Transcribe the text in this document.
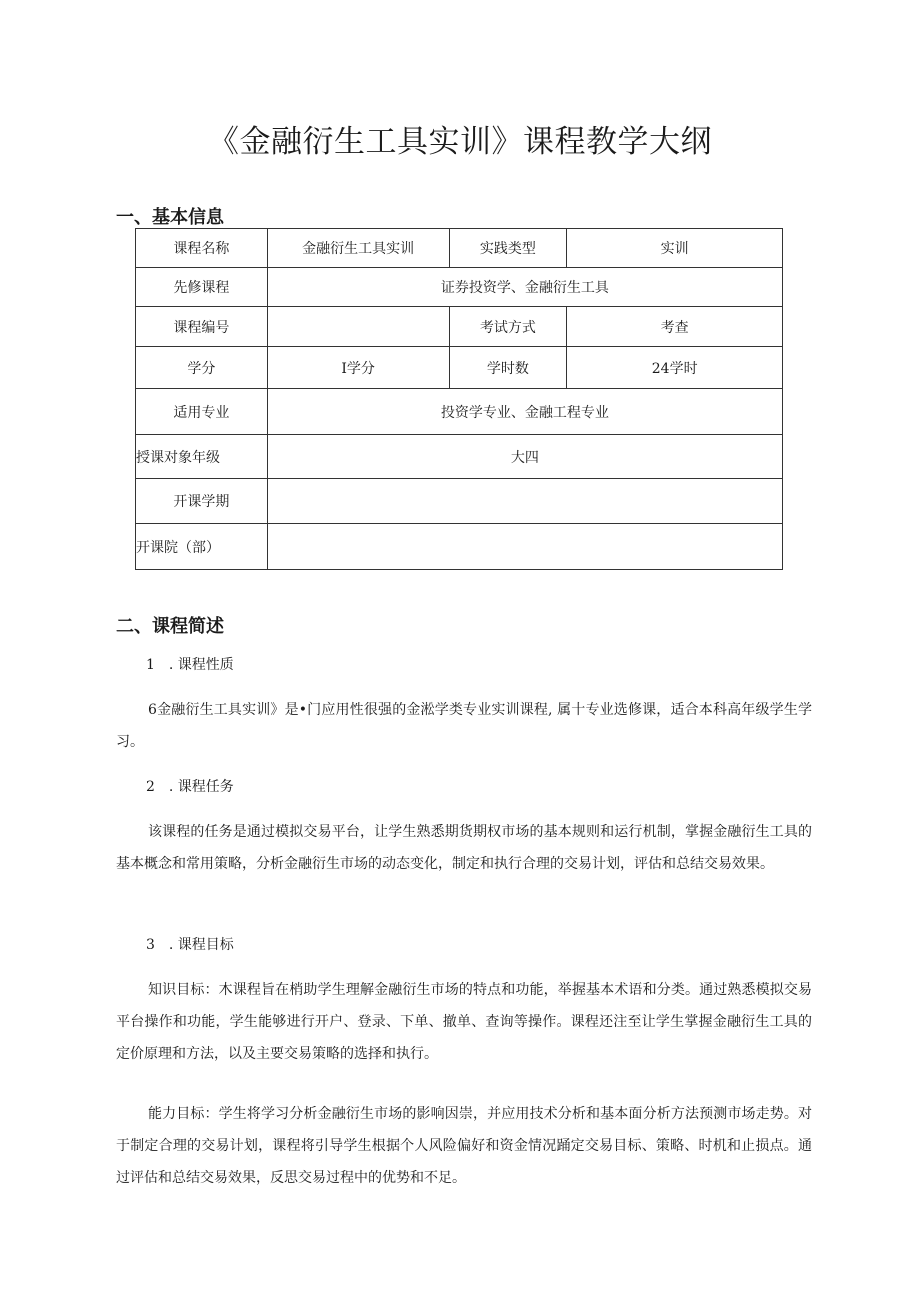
《金融衍生工具实训》课程教学大纲
一、基本信息
课程名称	金融衍生工具实训	实践类型	实训
先修课程	证券投资学、金融衍生工具		
课程编号		考试方式	考查
学分	I学分	学时数	24学时
适用专业	投资学专业、金融工程专业		
授课对象年级	大四		
开课学期			
开课院（部）			
二、课程简述

1　. 课程性质

6金融衍生工具实训》是•门应用性很强的金淞学类专业实训课程, 属十专业选修课，适合本科高年级学生学习。

2　. 课程任务

该课程的任务是通过模拟交易平台，让学生熟悉期货期权市场的基本规则和运行机制，掌握金融衍生工具的基本概念和常用策略，分析金融衍生市场的动态变化，制定和执行合理的交易计划，评估和总结交易效果。

3　. 课程目标

知识目标：木课程旨在梢助学生理解金融衍生市场的特点和功能，举握基本术语和分类。通过熟悉模拟交易平台操作和功能，学生能够进行开户、登录、下单、撤单、查询等操作。课程还注至让学生掌握金融衍生工具的定价原理和方法，以及主要交易策略的选择和执行。

能力目标：学生将学习分析金融衍生市场的影响因崇，并应用技术分析和基本面分析方法预测市场走势。对于制定合理的交易计划，课程将引导学生根据个人风险偏好和资金情况踊定交易目标、策略、时机和止损点。通过评估和总结交易效果，反思交易过程中的优势和不足。
